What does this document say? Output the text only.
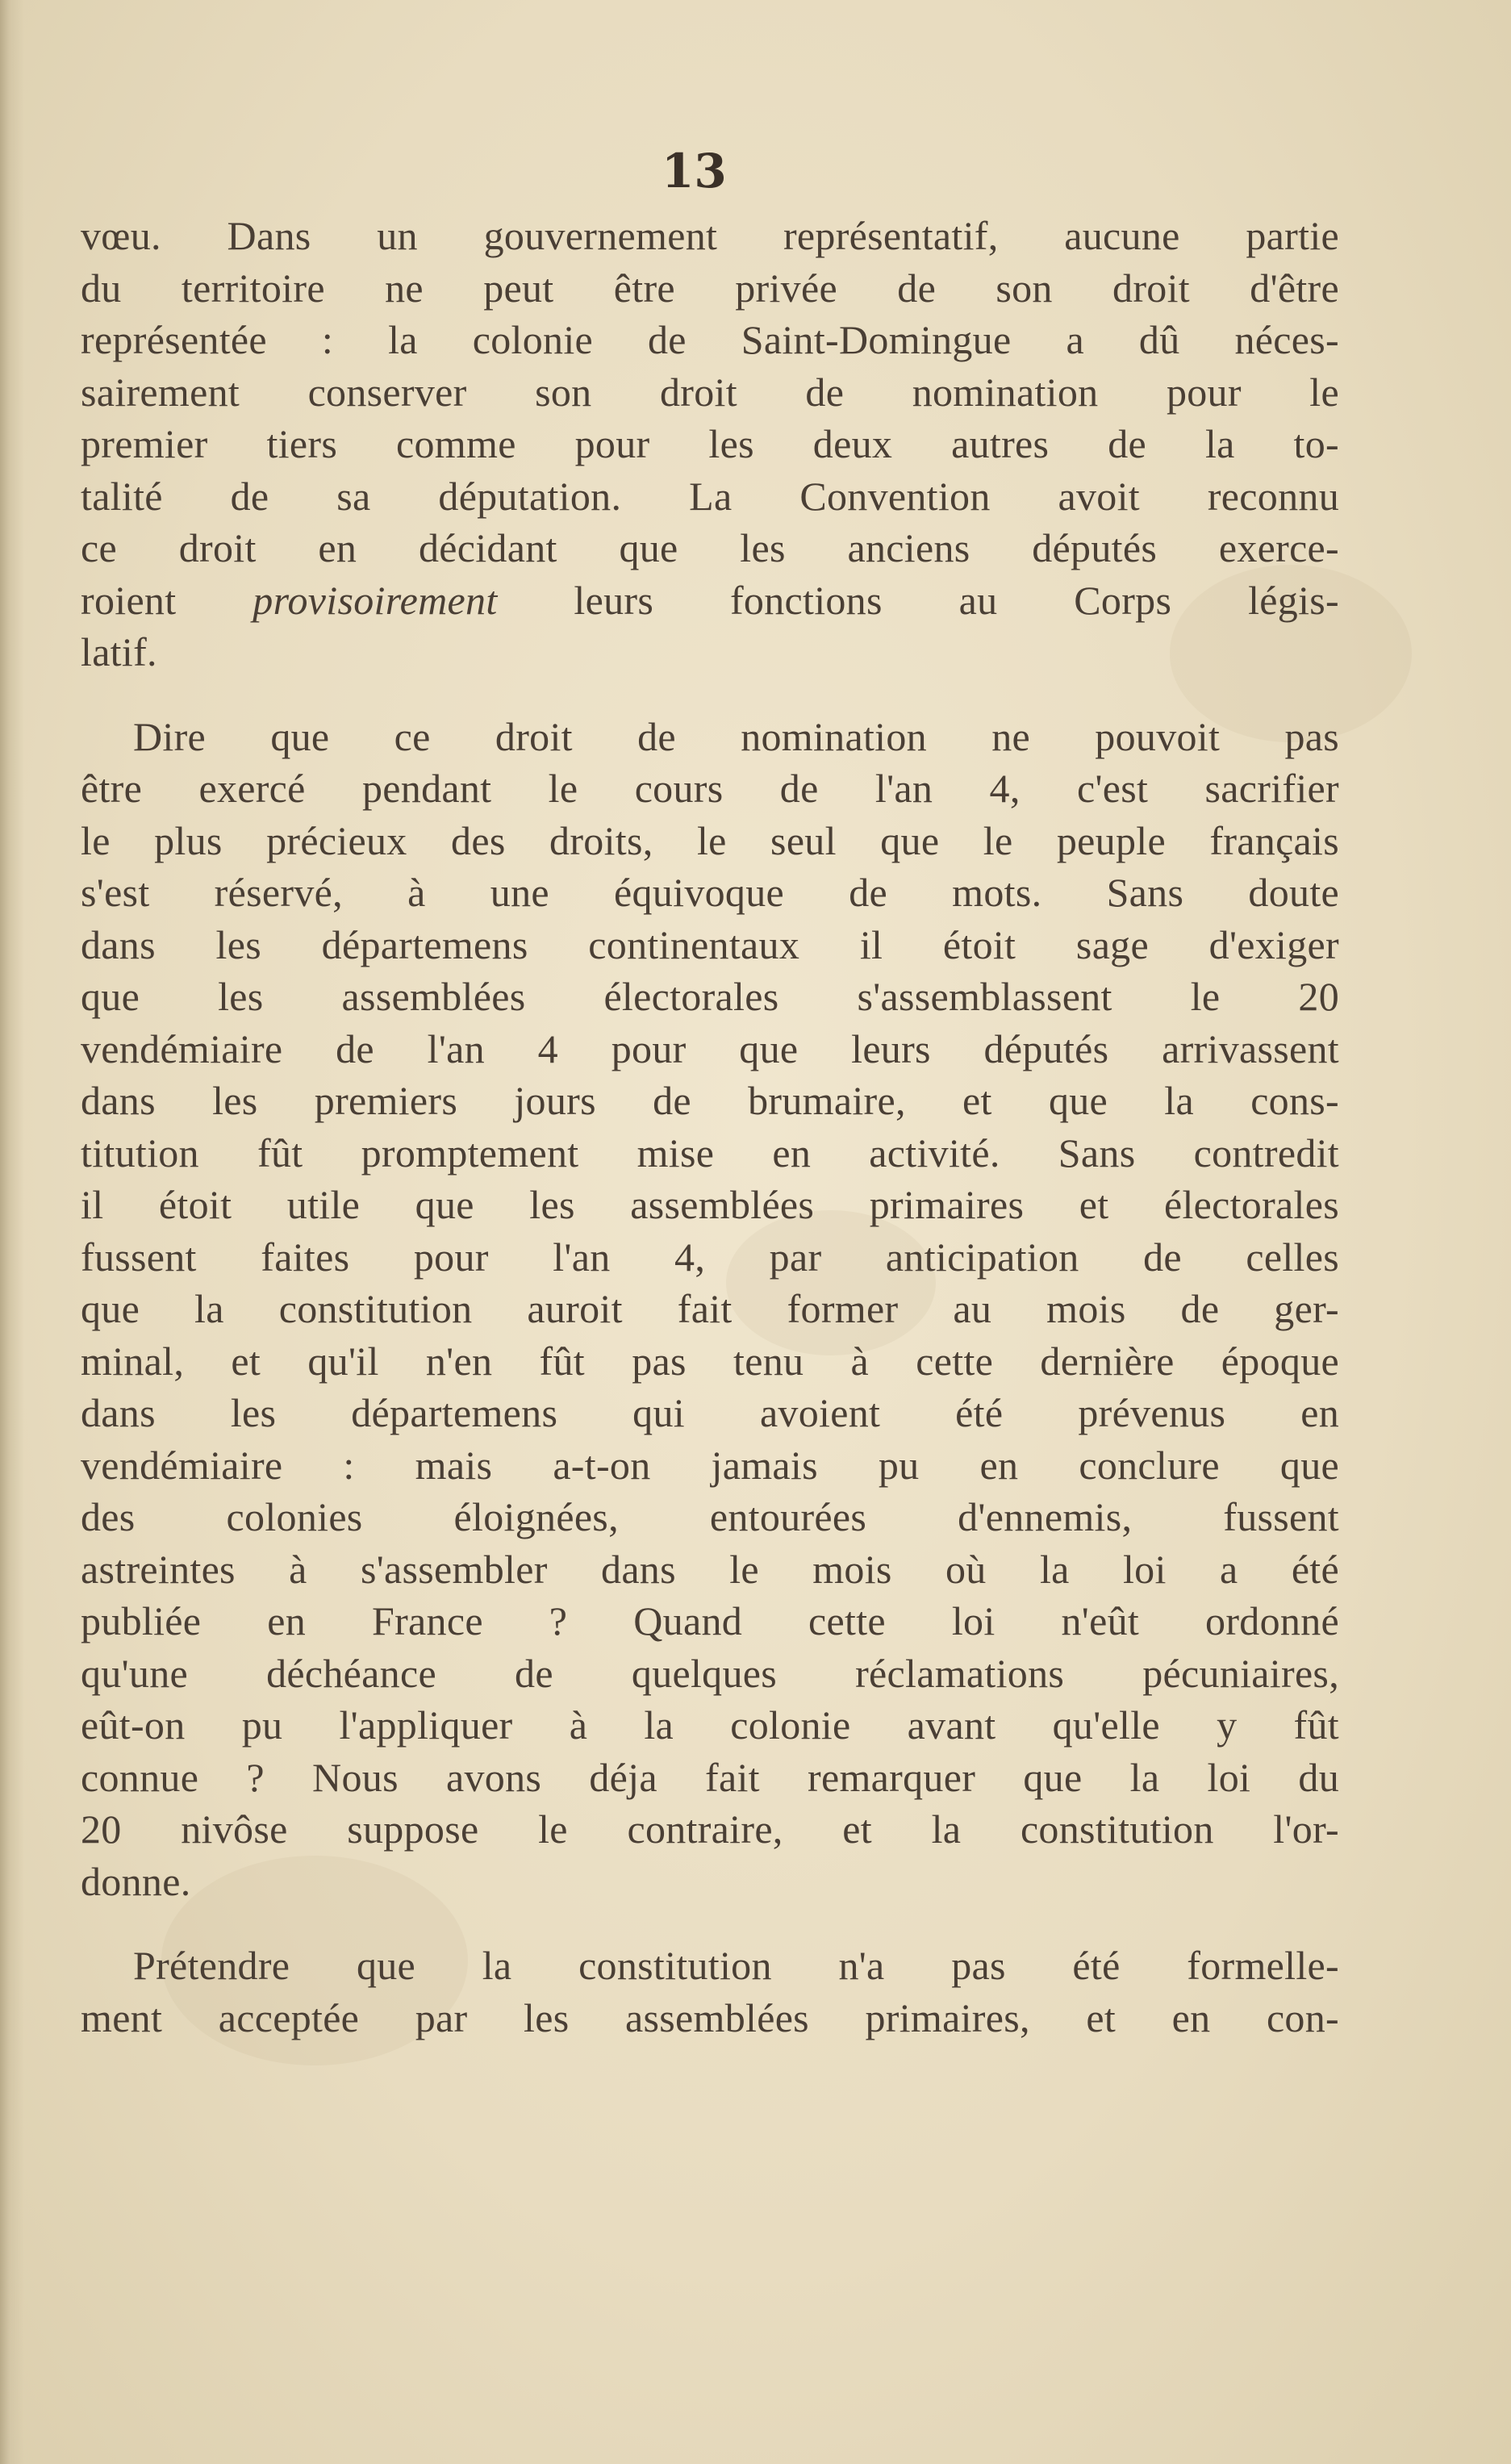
13
vœu. Dans un gouvernement représentatif, aucune partie
du territoire ne peut être privée de son droit d'être
représentée : la colonie de Saint-Domingue a dû néces-
sairement conserver son droit de nomination pour le
premier tiers comme pour les deux autres de la to-
talité de sa députation. La Convention avoit reconnu
ce droit en décidant que les anciens députés exerce-
roient provisoirement leurs fonctions au Corps légis-
latif.
Dire que ce droit de nomination ne pouvoit pas
être exercé pendant le cours de l'an 4, c'est sacrifier
le plus précieux des droits, le seul que le peuple français
s'est réservé, à une équivoque de mots. Sans doute
dans les départemens continentaux il étoit sage d'exiger
que les assemblées électorales s'assemblassent le 20
vendémiaire de l'an 4 pour que leurs députés arrivassent
dans les premiers jours de brumaire, et que la cons-
titution fût promptement mise en activité. Sans contredit
il étoit utile que les assemblées primaires et électorales
fussent faites pour l'an 4, par anticipation de celles
que la constitution auroit fait former au mois de ger-
minal, et qu'il n'en fût pas tenu à cette dernière époque
dans les départemens qui avoient été prévenus en
vendémiaire : mais a-t-on jamais pu en conclure que
des colonies éloignées, entourées d'ennemis, fussent
astreintes à s'assembler dans le mois où la loi a été
publiée en France ? Quand cette loi n'eût ordonné
qu'une déchéance de quelques réclamations pécuniaires,
eût-on pu l'appliquer à la colonie avant qu'elle y fût
connue ? Nous avons déja fait remarquer que la loi du
20 nivôse suppose le contraire, et la constitution l'or-
donne.
Prétendre que la constitution n'a pas été formelle-
ment acceptée par les assemblées primaires, et en con-
